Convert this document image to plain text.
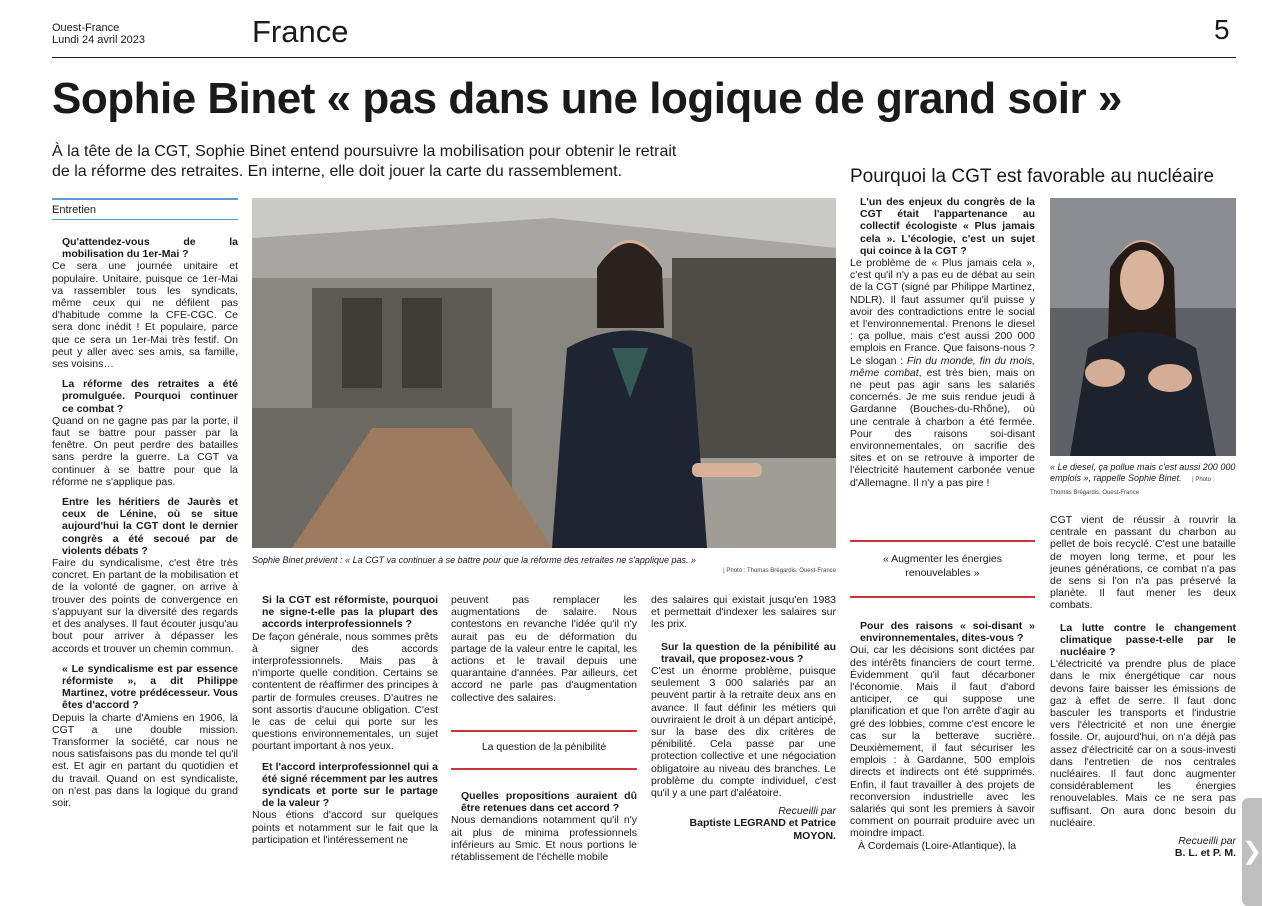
Ouest-France
Lundi 24 avril 2023	France	5
Sophie Binet « pas dans une logique de grand soir »
À la tête de la CGT, Sophie Binet entend poursuivre la mobilisation pour obtenir le retrait de la réforme des retraites. En interne, elle doit jouer la carte du rassemblement.	Pourquoi la CGT est favorable au nucléaire
Entretien

Qu'attendez-vous de la mobilisation du 1er-Mai ?

Ce sera une journée unitaire et populaire. Unitaire, puisque ce 1er-Mai va rassembler tous les syndicats, même ceux qui ne défilent pas d'habitude comme la CFE-CGC. Ce sera donc inédit ! Et populaire, parce que ce sera un 1er-Mai très festif. On peut y aller avec ses amis, sa famille, ses voisins…

La réforme des retraites a été promulguée. Pourquoi continuer ce combat ?

Quand on ne gagne pas par la porte, il faut se battre pour passer par la fenêtre. On peut perdre des batailles sans perdre la guerre. La CGT va continuer à se battre pour que la réforme ne s'applique pas.

Entre les héritiers de Jaurès et ceux de Lénine, où se situe aujourd'hui la CGT dont le dernier congrès a été secoué par de violents débats ?

Faire du syndicalisme, c'est être très concret. En partant de la mobilisation et de la volonté de gagner, on arrive à trouver des points de convergence en s'appuyant sur la diversité des regards et des analyses. Il faut écouter jusqu'au bout pour arriver à dépasser les accords et trouver un chemin commun.

« Le syndicalisme est par essence réformiste », a dit Philippe Martinez, votre prédécesseur. Vous êtes d'accord ?

Depuis la charte d'Amiens en 1906, la CGT a une double mission. Transformer la société, car nous ne nous satisfaisons pas du monde tel qu'il est. Et agir en partant du quotidien et du travail. Quand on est syndicaliste, on n'est pas dans la logique du grand soir.

Sophie Binet prévient : « La CGT va continuer à se battre pour que la réforme des retraites ne s'applique pas. »
| Photo : Thomas Brégardis. Ouest-France

Si la CGT est réformiste, pourquoi ne signe-t-elle pas la plupart des accords interprofessionnels ?

De façon générale, nous sommes prêts à signer des accords interprofessionnels. Mais pas à n'importe quelle condition. Certains se contentent de réaffirmer des principes à partir de formules creuses. D'autres ne sont assortis d'aucune obligation. C'est le cas de celui qui porte sur les questions environnementales, un sujet pourtant important à nos yeux.

Et l'accord interprofessionnel qui a été signé récemment par les autres syndicats et porte sur le partage de la valeur ?

Nous étions d'accord sur quelques points et notamment sur le fait que la participation et l'intéressement ne

peuvent pas remplacer les augmentations de salaire. Nous contestons en revanche l'idée qu'il n'y aurait pas eu de déformation du partage de la valeur entre le capital, les actions et le travail depuis une quarantaine d'années. Par ailleurs, cet accord ne parle pas d'augmentation collective des salaires.

La question de la pénibilité

Quelles propositions auraient dû être retenues dans cet accord ?

Nous demandions notamment qu'il n'y ait plus de minima professionnels inférieurs au Smic. Et nous portions le rétablissement de l'échelle mobile

des salaires qui existait jusqu'en 1983 et permettait d'indexer les salaires sur les prix.

Sur la question de la pénibilité au travail, que proposez-vous ?

C'est un énorme problème, puisque seulement 3 000 salariés par an peuvent partir à la retraite deux ans en avance. Il faut définir les métiers qui ouvriraient le droit à un départ anticipé, sur la base des dix critères de pénibilité. Cela passe par une protection collective et une négociation obligatoire au niveau des branches. Le problème du compte individuel, c'est qu'il y a une part d'aléatoire.

Recueilli par
Baptiste LEGRAND et Patrice MOYON.

L'un des enjeux du congrès de la CGT était l'appartenance au collectif écologiste « Plus jamais cela ». L'écologie, c'est un sujet qui coince à la CGT ?

Le problème de « Plus jamais cela », c'est qu'il n'y a pas eu de débat au sein de la CGT (signé par Philippe Martinez, NDLR). Il faut assumer qu'il puisse y avoir des contradictions entre le social et l'environnemental. Prenons le diesel : ça pollue, mais c'est aussi 200 000 emplois en France. Que faisons-nous ? Le slogan : Fin du monde, fin du mois, même combat, est très bien, mais on ne peut pas agir sans les salariés concernés. Je me suis rendue jeudi à Gardanne (Bouches-du-Rhône), où une centrale à charbon a été fermée. Pour des raisons soi-disant environnementales, on sacrifie des sites et on se retrouve à importer de l'électricité hautement carbonée venue d'Allemagne. Il n'y a pas pire !

« Augmenter les énergies renouvelables »

Pour des raisons « soi-disant » environnementales, dites-vous ?

Oui, car les décisions sont dictées par des intérêts financiers de court terme. Évidemment qu'il faut décarboner l'économie. Mais il faut d'abord anticiper, ce qui suppose une planification et que l'on arrête d'agir au gré des lobbies, comme c'est encore le cas sur la betterave sucrière. Deuxièmement, il faut sécuriser les emplois : à Gardanne, 500 emplois directs et indirects ont été supprimés. Enfin, il faut travailler à des projets de reconversion industrielle avec les salariés qui sont les premiers à savoir comment on pourrait produire avec un moindre impact.

À Cordemais (Loire-Atlantique), la

« Le diesel, ça pollue mais c'est aussi 200 000 emplois », rappelle Sophie Binet. | Photo : Thomas Brégardis. Ouest-France

CGT vient de réussir à rouvrir la centrale en passant du charbon au pellet de bois recyclé. C'est une bataille de moyen long terme, et pour les jeunes générations, ce combat n'a pas de sens si l'on n'a pas préservé la planète. Il faut mener les deux combats.

La lutte contre le changement climatique passe-t-elle par le nucléaire ?

L'électricité va prendre plus de place dans le mix énergétique car nous devons faire baisser les émissions de gaz à effet de serre. Il faut donc basculer les transports et l'industrie vers l'électricité et non une énergie fossile. Or, aujourd'hui, on n'a déjà pas assez d'électricité car on a sous-investi dans l'entretien de nos centrales nucléaires. Il faut donc augmenter considérablement les énergies renouvelables. Mais ce ne sera pas suffisant. On aura donc besoin du nucléaire.

Recueilli par
B. L. et P. M. ❯
